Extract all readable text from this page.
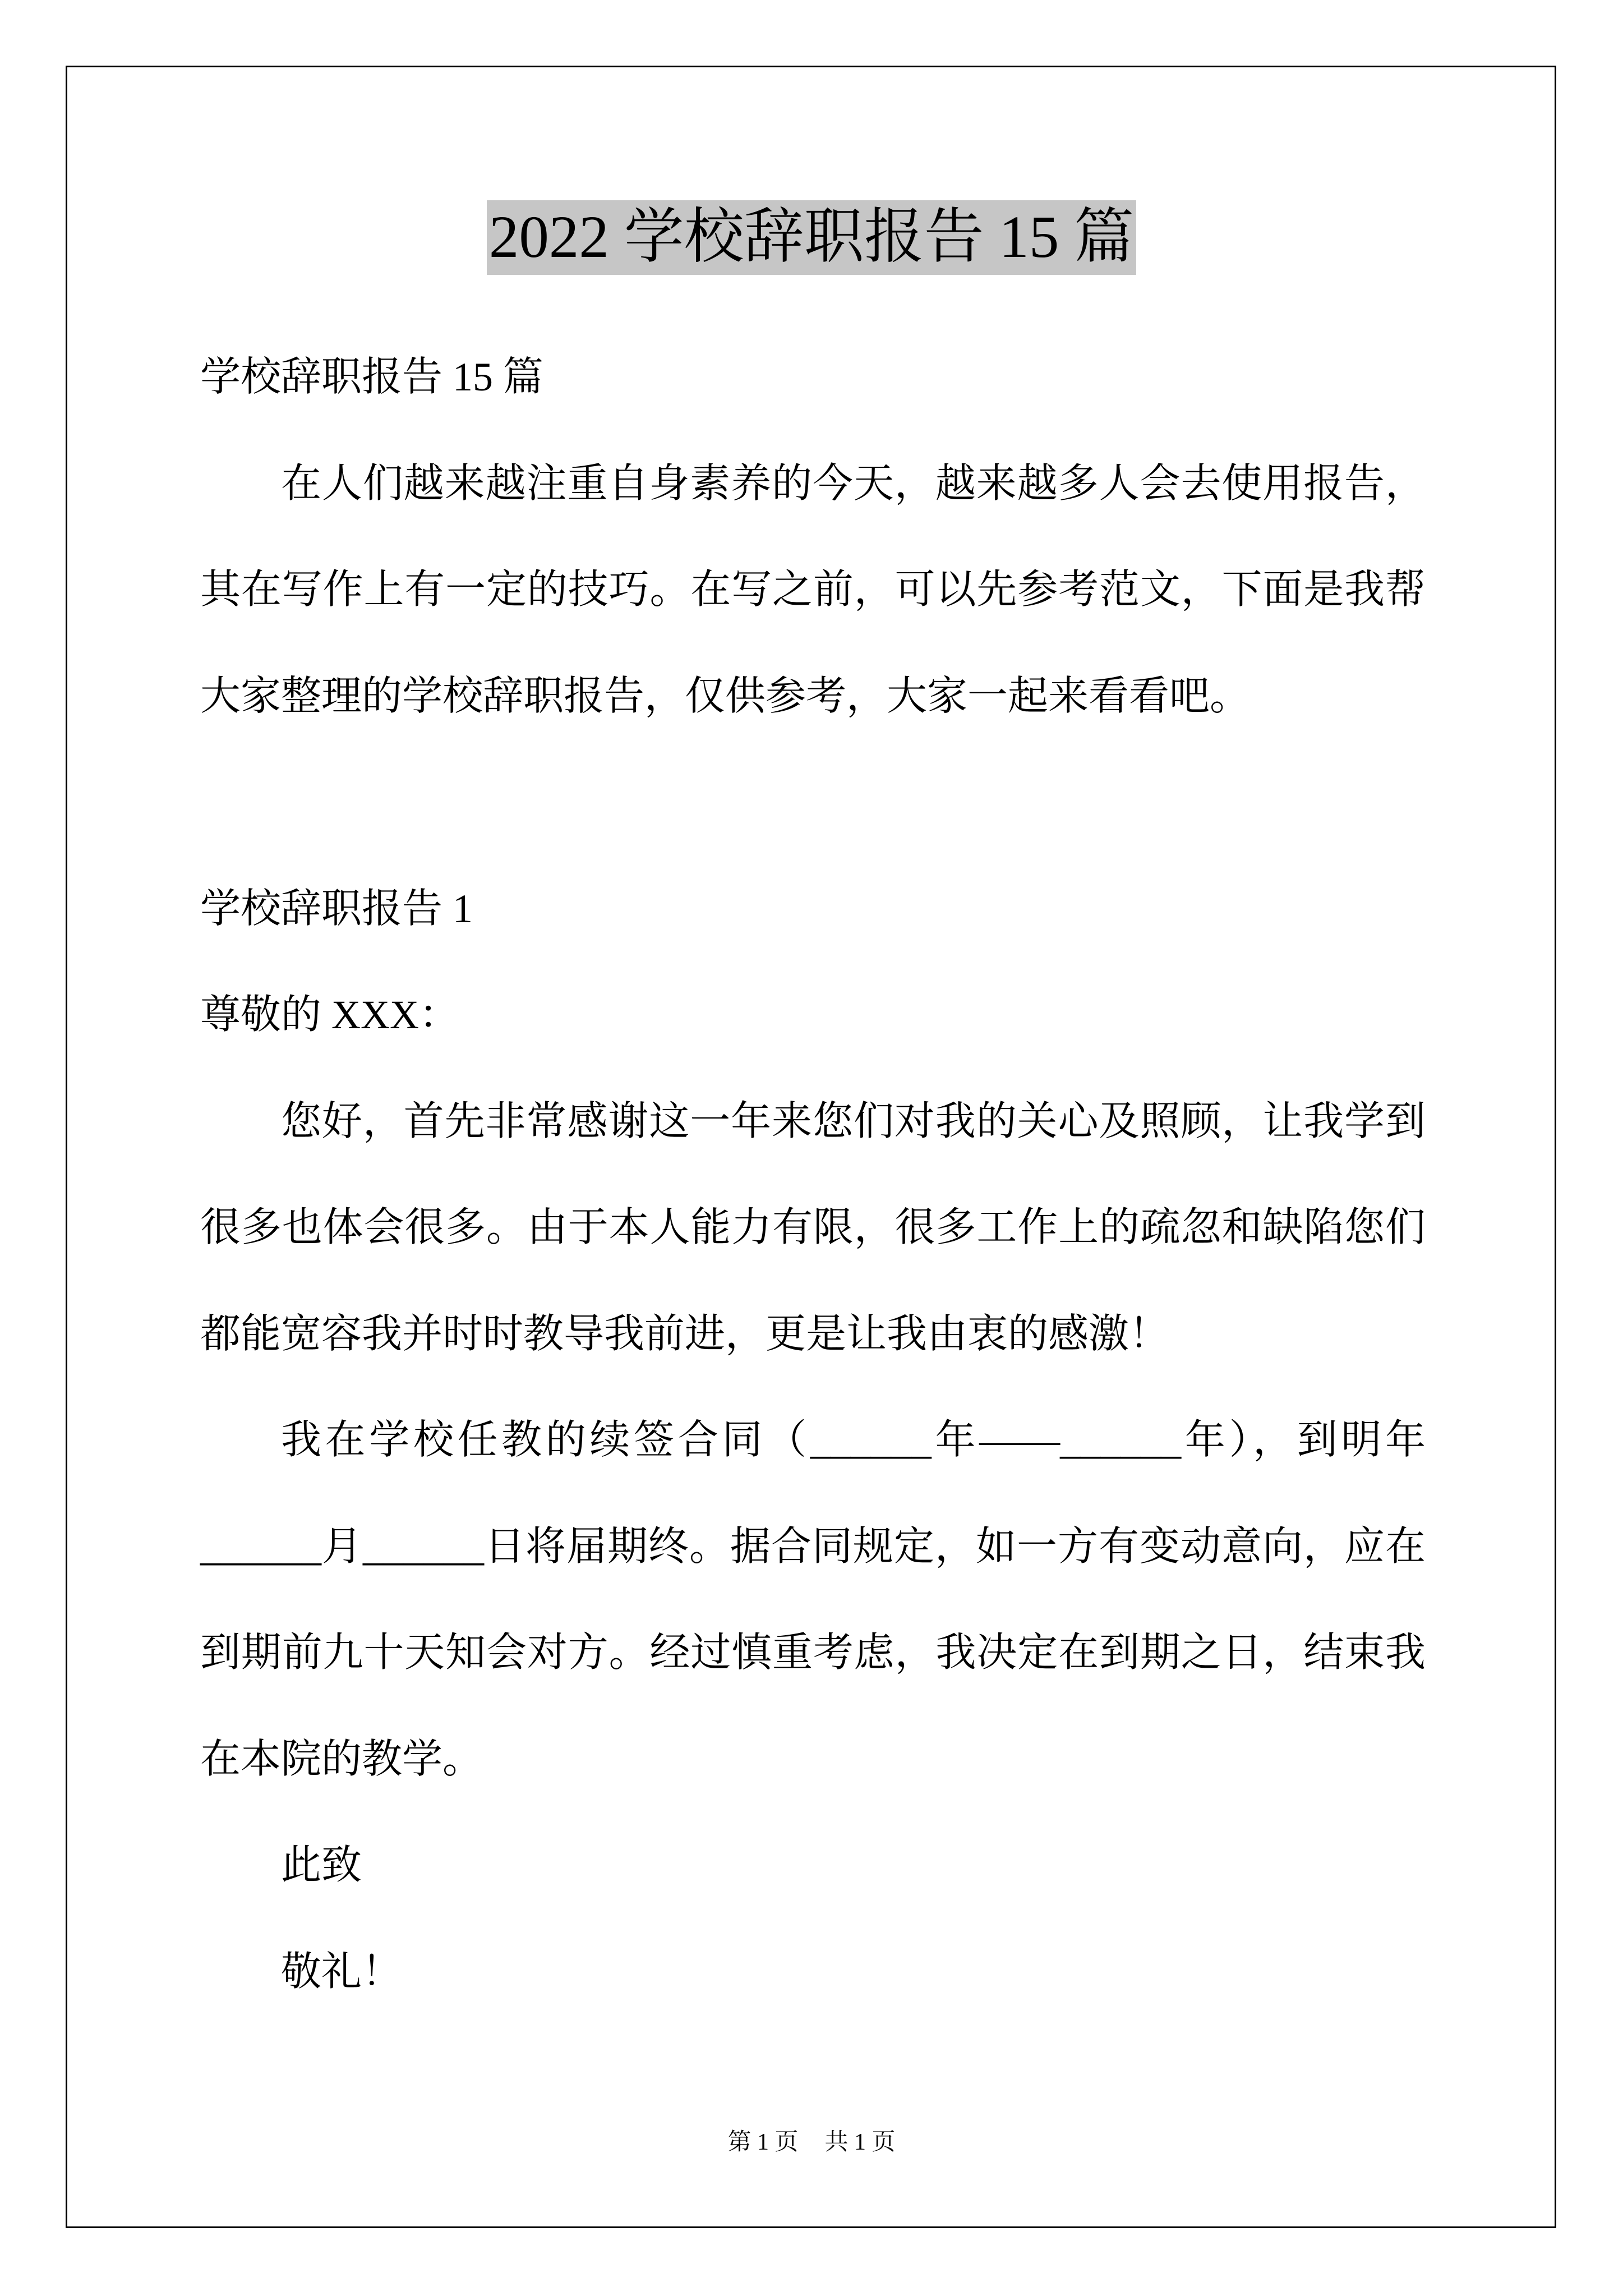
2022 学校辞职报告 15 篇
学校辞职报告 15 篇
在人们越来越注重自身素养的今天，越来越多人会去使用报告，
其在写作上有一定的技巧。在写之前，可以先参考范文，下面是我帮
大家整理的学校辞职报告，仅供参考，大家一起来看看吧。
学校辞职报告 1
尊敬的 XXX：
您好，首先非常感谢这一年来您们对我的关心及照顾，让我学到
很多也体会很多。由于本人能力有限，很多工作上的疏忽和缺陷您们
都能宽容我并时时教导我前进，更是让我由衷的感激！
我在学校任教的续签合同（______年——______年），到明年
______月______日将届期终。据合同规定，如一方有变动意向，应在
到期前九十天知会对方。经过慎重考虑，我决定在到期之日，结束我
在本院的教学。
此致
敬礼！
第 1 页 共 1 页
